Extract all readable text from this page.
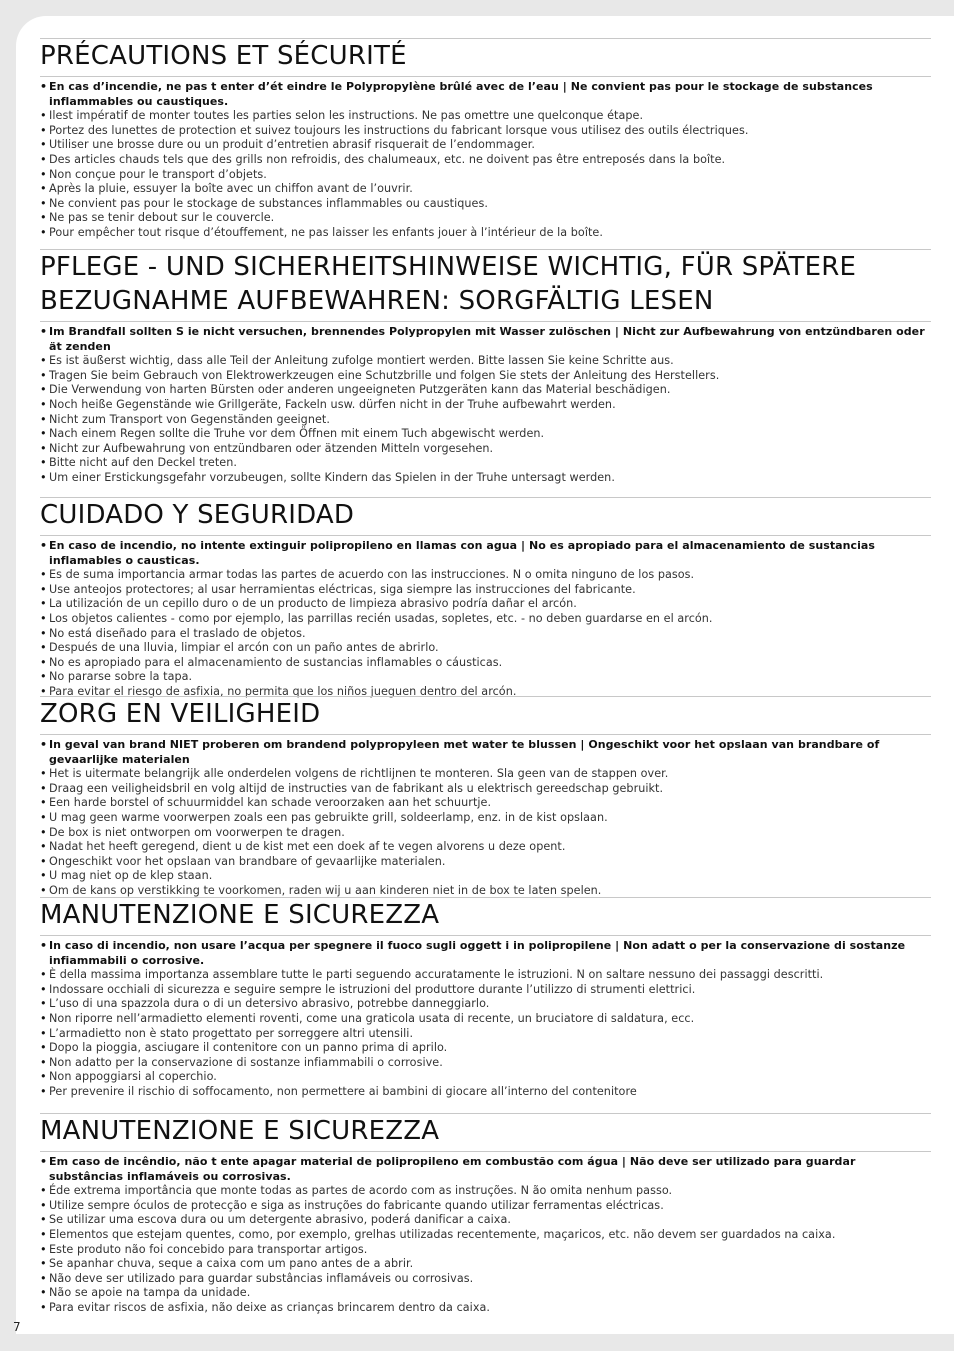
PRÉCAUTIONS ET SÉCURITÉ
• En cas d’incendie, ne pas t enter d’ét eindre le Polypropylène brûlé avec de l’eau | Ne convient pas pour le stockage de substances inflammables ou caustiques.
• Ilest impératif de monter toutes les parties selon les instructions. Ne pas omettre une quelconque étape.
• Portez des lunettes de protection et suivez toujours les instructions du fabricant lorsque vous utilisez des outils électriques.
• Utiliser une brosse dure ou un produit d’entretien abrasif risquerait de l’endommager.
• Des articles chauds tels que des grills non refroidis, des chalumeaux, etc. ne doivent pas être entreposés dans la boîte.
• Non conçue pour le transport d’objets.
• Après la pluie, essuyer la boîte avec un chiffon avant de l’ouvrir.
• Ne convient pas pour le stockage de substances inflammables ou caustiques.
• Ne pas se tenir debout sur le couvercle.
• Pour empêcher tout risque d’étouffement, ne pas laisser les enfants jouer à l’intérieur de la boîte.
PFLEGE - UND SICHERHEITSHINWEISE WICHTIG, FÜR SPÄTERE BEZUGNAHME AUFBEWAHREN: SORGFÄLTIG LESEN
• Im Brandfall sollten S ie nicht versuchen, brennendes Polypropylen mit Wasser zulöschen | Nicht zur Aufbewahrung von entzündbaren oder ät zenden
• Es ist äußerst wichtig, dass alle Teil der Anleitung zufolge montiert werden. Bitte lassen Sie keine Schritte aus.
• Tragen Sie beim Gebrauch von Elektrowerkzeugen eine Schutzbrille und folgen Sie stets der Anleitung des Herstellers.
• Die Verwendung von harten Bürsten oder anderen ungeeigneten Putzgeräten kann das Material beschädigen.
• Noch heiße Gegenstände wie Grillgeräte, Fackeln usw. dürfen nicht in der Truhe aufbewahrt werden.
• Nicht zum Transport von Gegenständen geeignet.
• Nach einem Regen sollte die Truhe vor dem Öffnen mit einem Tuch abgewischt werden.
• Nicht zur Aufbewahrung von entzündbaren oder ätzenden Mitteln vorgesehen.
• Bitte nicht auf den Deckel treten.
• Um einer Erstickungsgefahr vorzubeugen, sollte Kindern das Spielen in der Truhe untersagt werden.
CUIDADO Y SEGURIDAD
• En caso de incendio, no intente extinguir polipropileno en llamas con agua | No es apropiado para el almacenamiento de sustancias inflamables o causticas.
• Es de suma importancia armar todas las partes de acuerdo con las instrucciones. N o omita ninguno de los pasos.
• Use anteojos protectores; al usar herramientas eléctricas, siga siempre las instrucciones del fabricante.
• La utilización de un cepillo duro o de un producto de limpieza abrasivo podría dañar el arcón.
• Los objetos calientes - como por ejemplo, las parrillas recién usadas, sopletes, etc. - no deben guardarse en el arcón.
• No está diseñado para el traslado de objetos.
• Después de una lluvia, limpiar el arcón con un paño antes de abrirlo.
• No es apropiado para el almacenamiento de sustancias inflamables o cáusticas.
• No pararse sobre la tapa.
• Para evitar el riesgo de asfixia, no permita que los niños jueguen dentro del arcón.
ZORG EN VEILIGHEID
• In geval van brand NIET proberen om brandend polypropyleen met water te blussen | Ongeschikt voor het opslaan van brandbare of gevaarlijke materialen
• Het is uitermate belangrijk alle onderdelen volgens de richtlijnen te monteren. Sla geen van de stappen over.
• Draag een veiligheidsbril en volg altijd de instructies van de fabrikant als u elektrisch gereedschap gebruikt.
• Een harde borstel of schuurmiddel kan schade veroorzaken aan het schuurtje.
• U mag geen warme voorwerpen zoals een pas gebruikte grill, soldeerlamp, enz. in de kist opslaan.
• De box is niet ontworpen om voorwerpen te dragen.
• Nadat het heeft geregend, dient u de kist met een doek af te vegen alvorens u deze opent.
• Ongeschikt voor het opslaan van brandbare of gevaarlijke materialen.
• U mag niet op de klep staan.
• Om de kans op verstikking te voorkomen, raden wij u aan kinderen niet in de box te laten spelen.
MANUTENZIONE E SICUREZZA
• In caso di incendio, non usare l’acqua per spegnere il fuoco sugli oggett i in polipropilene | Non adatt o per la conservazione di sostanze infiammabili o corrosive.
• È della massima importanza assemblare tutte le parti seguendo accuratamente le istruzioni. N on saltare nessuno dei passaggi descritti.
• Indossare occhiali di sicurezza e seguire sempre le istruzioni del produttore durante l’utilizzo di strumenti elettrici.
• L’uso di una spazzola dura o di un detersivo abrasivo, potrebbe danneggiarlo.
• Non riporre nell’armadietto elementi roventi, come una graticola usata di recente, un bruciatore di saldatura, ecc.
• L’armadietto non è stato progettato per sorreggere altri utensili.
• Dopo la pioggia, asciugare il contenitore con un panno prima di aprilo.
• Non adatto per la conservazione di sostanze infiammabili o corrosive.
• Non appoggiarsi al coperchio.
• Per prevenire il rischio di soffocamento, non permettere ai bambini di giocare all’interno del contenitore
MANUTENZIONE E SICUREZZA
• Em caso de incêndio, não t ente apagar material de polipropileno em combustão com água | Não deve ser utilizado para guardar substâncias inflamáveis ou corrosivas.
• Éde extrema importância que monte todas as partes de acordo com as instruções. N ão omita nenhum passo.
• Utilize sempre óculos de protecção e siga as instruções do fabricante quando utilizar ferramentas eléctricas.
• Se utilizar uma escova dura ou um detergente abrasivo, poderá danificar a caixa.
• Elementos que estejam quentes, como, por exemplo, grelhas utilizadas recentemente, maçaricos, etc. não devem ser guardados na caixa.
• Este produto não foi concebido para transportar artigos.
• Se apanhar chuva, seque a caixa com um pano antes de a abrir.
• Não deve ser utilizado para guardar substâncias inflamáveis ou corrosivas.
• Não se apoie na tampa da unidade.
• Para evitar riscos de asfixia, não deixe as crianças brincarem dentro da caixa.
7
